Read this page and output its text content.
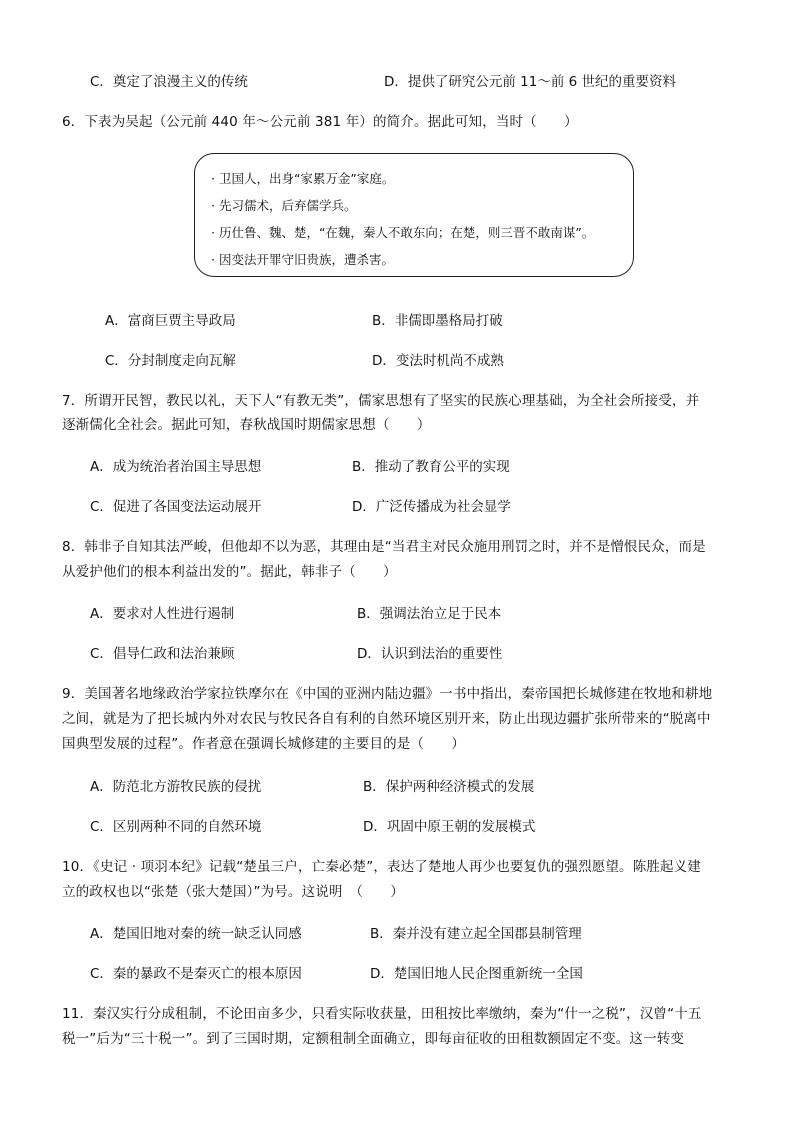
C．奠定了浪漫主义的传统	D．提供了研究公元前 11～前 6 世纪的重要资料
6．下表为吴起（公元前 440 年～公元前 381 年）的简介。据此可知，当时（　　）
· 卫国人，出身“家累万金”家庭。
· 先习儒术，后弃儒学兵。
· 历仕鲁、魏、楚，“在魏，秦人不敢东向；在楚，则三晋不敢南谋”。
· 因变法开罪守旧贵族，遭杀害。
A．富商巨贾主导政局	B．非儒即墨格局打破
C．分封制度走向瓦解	D．变法时机尚不成熟
7．所谓开民智，教民以礼，天下人“有教无类”，儒家思想有了坚实的民族心理基础，为全社会所接受，并
逐渐儒化全社会。据此可知，春秋战国时期儒家思想（　　）
A．成为统治者治国主导思想	B．推动了教育公平的实现
C．促进了各国变法运动展开	D．广泛传播成为社会显学
8．韩非子自知其法严峻，但他却不以为恶，其理由是“当君主对民众施用刑罚之时，并不是憎恨民众，而是
从爱护他们的根本利益出发的”。据此，韩非子（　　）
A．要求对人性进行遏制	B．强调法治立足于民本
C．倡导仁政和法治兼顾	D．认识到法治的重要性
9．美国著名地缘政治学家拉铁摩尔在《中国的亚洲内陆边疆》一书中指出，秦帝国把长城修建在牧地和耕地
之间，就是为了把长城内外对农民与牧民各自有利的自然环境区别开来，防止出现边疆扩张所带来的“脱离中
国典型发展的过程”。作者意在强调长城修建的主要目的是（　　）
A．防范北方游牧民族的侵扰	B．保护两种经济模式的发展
C．区别两种不同的自然环境	D．巩固中原王朝的发展模式
10．《史记 · 项羽本纪》记载“楚虽三户，亡秦必楚”，表达了楚地人再少也要复仇的强烈愿望。陈胜起义建
立的政权也以“张楚（张大楚国）”为号。这说明　（　　）
A．楚国旧地对秦的统一缺乏认同感	B．秦并没有建立起全国郡县制管理
C．秦的暴政不是秦灭亡的根本原因	D．楚国旧地人民企图重新统一全国
11．秦汉实行分成租制，不论田亩多少，只看实际收获量，田租按比率缴纳，秦为“什一之税”，汉曾“十五
税一”后为“三十税一”。到了三国时期，定额租制全面确立，即每亩征收的田租数额固定不变。这一转变
